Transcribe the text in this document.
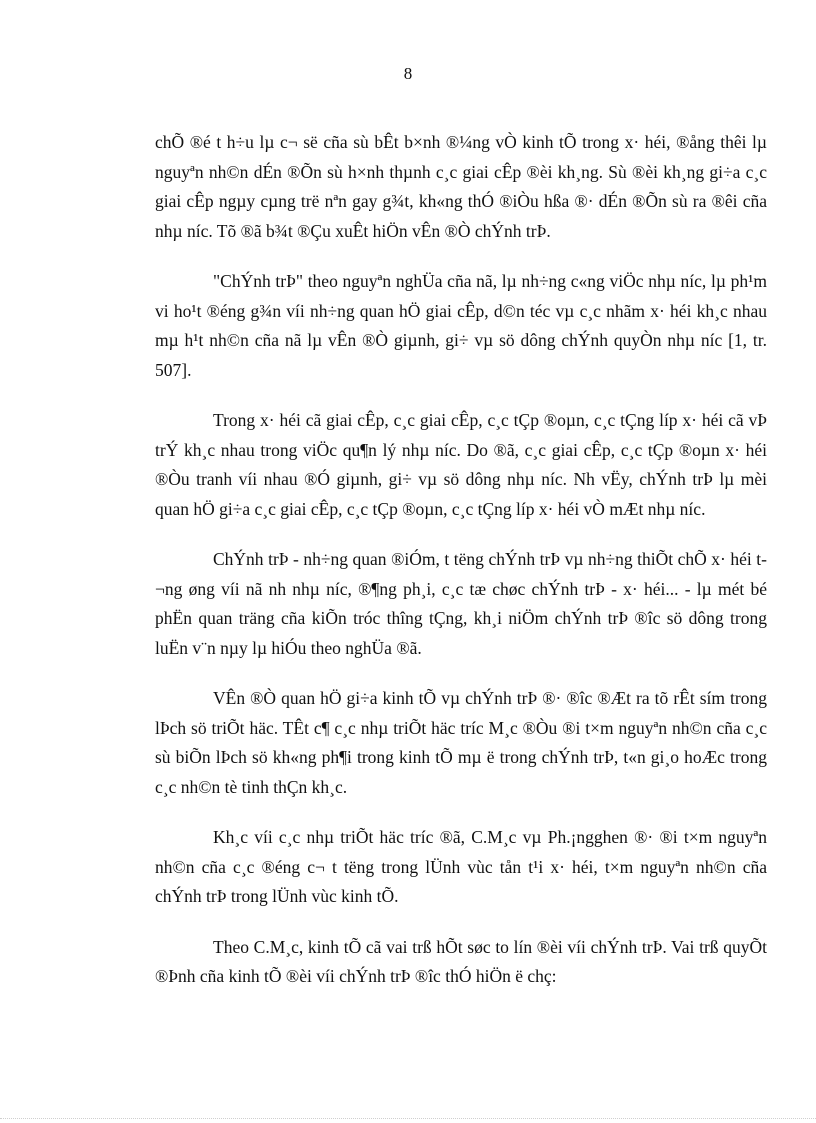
8

chÕ ®é t h÷u lµ c¬ së cña sù bÊt b×nh ®¼ng vÒ kinh tÕ trong x· héi, ®ång thêi lµ nguyªn nh©n dÉn ®Õn sù h×nh thµnh c¸c giai cÊp ®èi kh¸ng. Sù ®èi kh¸ng gi÷a c¸c giai cÊp ngµy cµng trë nªn gay g¾t, kh«ng thÓ ®iÒu hßa ®· dÉn ®Õn sù ra ®êi cña nhµ níc. Tõ ®ã b¾t ®Çu xuÊt hiÖn vÊn ®Ò chÝnh trÞ.

"ChÝnh trÞ" theo nguyªn nghÜa cña nã, lµ nh÷ng c«ng viÖc nhµ níc, lµ ph¹m vi ho¹t ®éng g¾n víi nh÷ng quan hÖ giai cÊp, d©n téc vµ c¸c nhãm x· héi kh¸c nhau mµ h¹t nh©n cña nã lµ vÊn ®Ò giµnh, gi÷ vµ sö dông chÝnh quyÒn nhµ níc [1, tr. 507].

Trong x· héi cã giai cÊp, c¸c giai cÊp, c¸c tÇp ®oµn, c¸c tÇng líp x· héi cã vÞ trÝ kh¸c nhau trong viÖc qu¶n lý nhµ níc. Do ®ã, c¸c giai cÊp, c¸c tÇp ®oµn x· héi ®Òu tranh víi nhau ®Ó giµnh, gi÷ vµ sö dông nhµ níc. Nh vËy, chÝnh trÞ lµ mèi quan hÖ gi÷a c¸c giai cÊp, c¸c tÇp ®oµn, c¸c tÇng líp x· héi vÒ mÆt nhµ níc.

ChÝnh trÞ - nh÷ng quan ®iÓm, t tëng chÝnh trÞ vµ nh÷ng thiÕt chÕ x· héi t¬ng øng víi nã nh nhµ níc, ®¶ng ph¸i, c¸c tæ chøc chÝnh trÞ - x· héi... - lµ mét bé phËn quan träng cña kiÕn tróc thîng tÇng, kh¸i niÖm chÝnh trÞ ®îc sö dông trong luËn v¨n nµy lµ hiÓu theo nghÜa ®ã.

VÊn ®Ò quan hÖ gi÷a kinh tÕ vµ chÝnh trÞ ®· ®îc ®Æt ra tõ rÊt sím trong lÞch sö triÕt häc. TÊt c¶ c¸c nhµ triÕt häc tríc M¸c ®Òu ®i t×m nguyªn nh©n cña c¸c sù biÕn lÞch sö kh«ng ph¶i trong kinh tÕ mµ ë trong chÝnh trÞ, t«n gi¸o hoÆc trong c¸c nh©n tè tinh thÇn kh¸c.

Kh¸c víi c¸c nhµ triÕt häc tríc ®ã, C.M¸c vµ Ph.¡ngghen ®· ®i t×m nguyªn nh©n cña c¸c ®éng c¬ t tëng trong lÜnh vùc tån t¹i x· héi, t×m nguyªn nh©n cña chÝnh trÞ trong lÜnh vùc kinh tÕ.

Theo C.M¸c, kinh tÕ cã vai trß hÕt søc to lín ®èi víi chÝnh trÞ. Vai trß quyÕt ®Þnh cña kinh tÕ ®èi víi chÝnh trÞ ®îc thÓ hiÖn ë chç:
